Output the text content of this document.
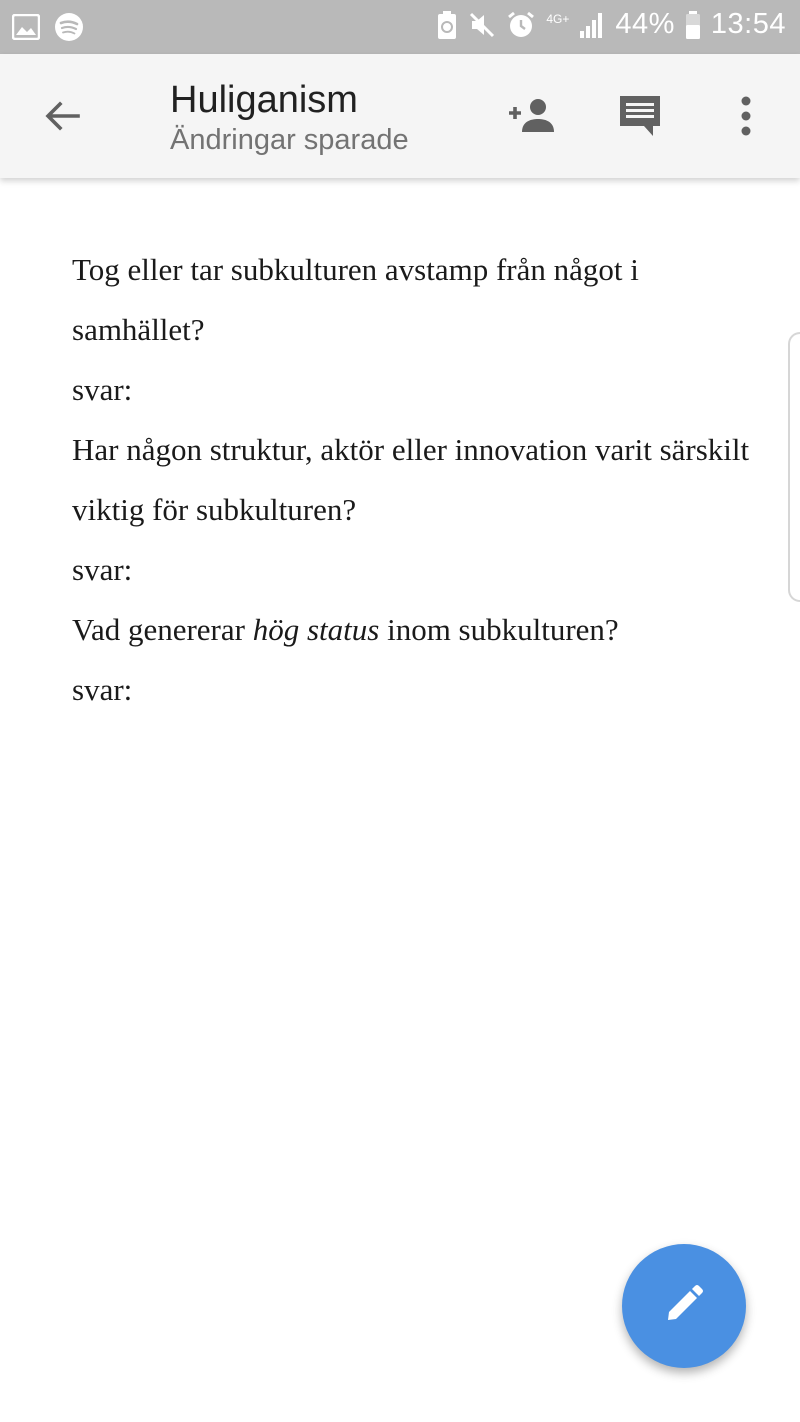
4G+ 44% 13:54
Huliganism
Ändringar sparade

Tog eller tar subkulturen avstamp från något i samhället?

svar:

Har någon struktur, aktör eller innovation varit särskilt viktig för subkulturen?

svar:

Vad genererar hög status inom subkulturen?

svar:
